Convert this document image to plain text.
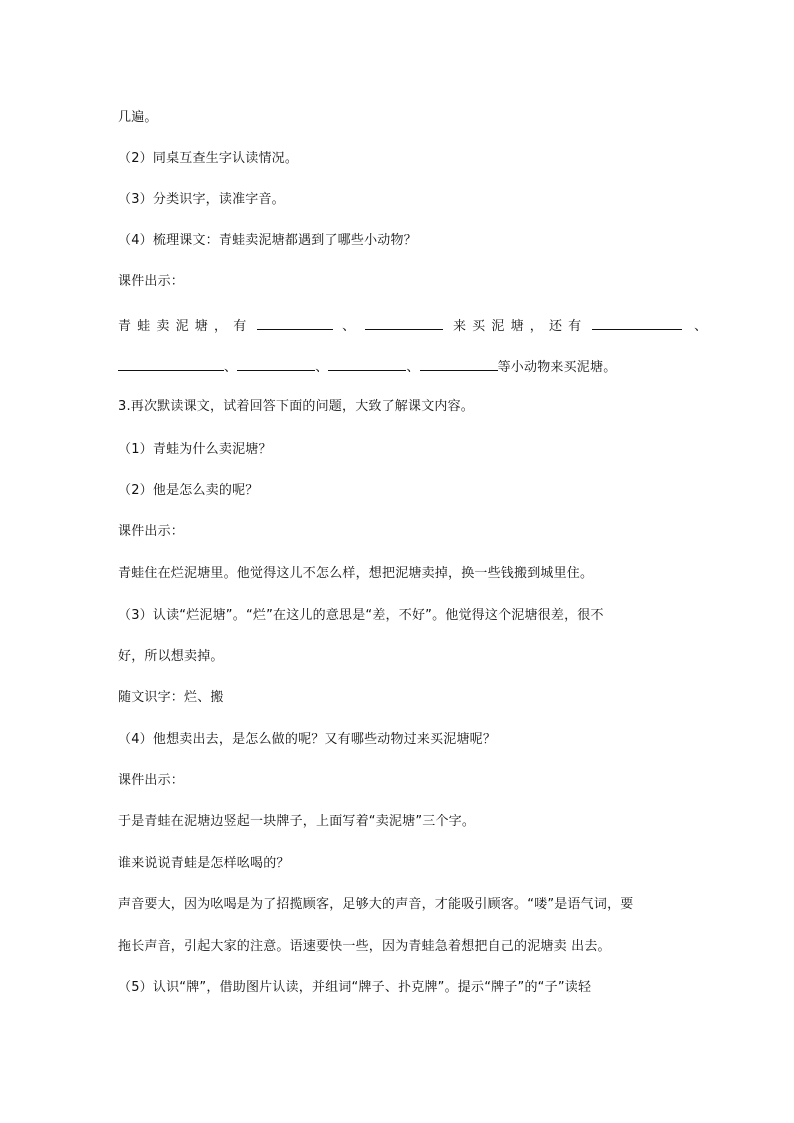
几遍。
（2）同桌互查生字认读情况。
（3）分类识字，读准字音。
（4）梳理课文：青蛙卖泥塘都遇到了哪些小动物？
课件出示：
青蛙卖泥塘，有	、	来买泥塘，还有	、
、	、	、	等小动物来买泥塘。
3.再次默读课文，试着回答下面的问题，大致了解课文内容。
（1）青蛙为什么卖泥塘？
（2）他是怎么卖的呢？
课件出示：
青蛙住在烂泥塘里。他觉得这儿不怎么样，想把泥塘卖掉，换一些钱搬到城里住。
（3）认读“烂泥塘”。“烂”在这儿的意思是“差，不好”。他觉得这个泥塘很差，很不
好，所以想卖掉。
随文识字：烂、搬
（4）他想卖出去，是怎么做的呢？又有哪些动物过来买泥塘呢？
课件出示：
于是青蛙在泥塘边竖起一块牌子，上面写着“卖泥塘”三个字。
谁来说说青蛙是怎样吆喝的？
声音要大，因为吆喝是为了招揽顾客，足够大的声音，才能吸引顾客。“喽”是语气词，要
拖长声音，引起大家的注意。语速要快一些，因为青蛙急着想把自己的泥塘卖 出去。
（5）认识“牌”，借助图片认读，并组词“牌子、扑克牌”。提示“牌子”的“子”读轻
